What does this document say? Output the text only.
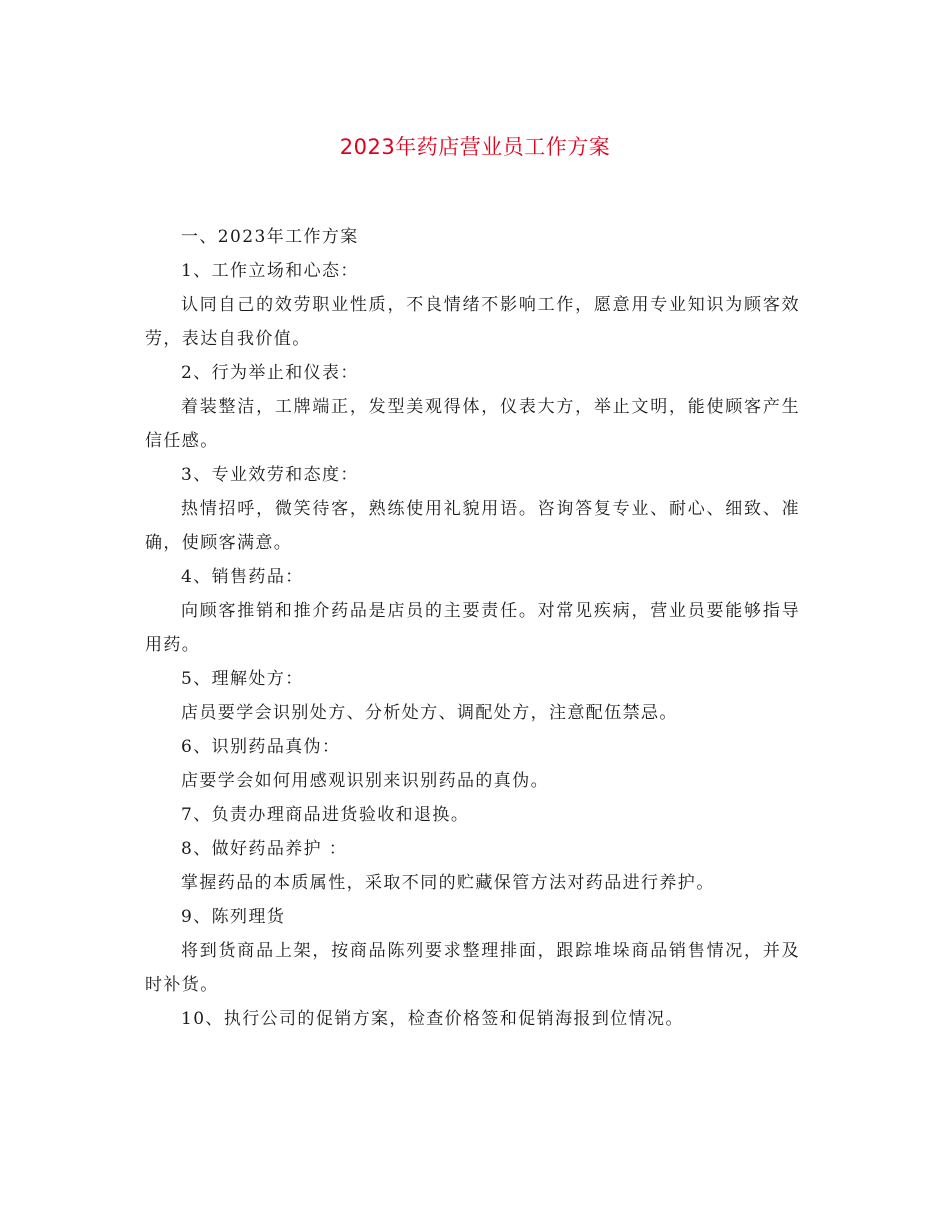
2023年药店营业员工作方案

一、2023年工作方案

1、工作立场和心态：

认同自己的效劳职业性质，不良情绪不影响工作，愿意用专业知识为顾客效劳，表达自我价值。

2、行为举止和仪表：

着装整洁，工牌端正，发型美观得体，仪表大方，举止文明，能使顾客产生信任感。

3、专业效劳和态度：

热情招呼，微笑待客，熟练使用礼貌用语。咨询答复专业、耐心、细致、准确，使顾客满意。

4、销售药品：

向顾客推销和推介药品是店员的主要责任。对常见疾病，营业员要能够指导用药。

5、理解处方：

店员要学会识别处方、分析处方、调配处方，注意配伍禁忌。

6、识别药品真伪：

店要学会如何用感观识别来识别药品的真伪。

7、负责办理商品进货验收和退换。

8、做好药品养护 ：

掌握药品的本质属性，采取不同的贮藏保管方法对药品进行养护。

9、陈列理货

将到货商品上架，按商品陈列要求整理排面，跟踪堆垛商品销售情况，并及时补货。

10、执行公司的促销方案，检查价格签和促销海报到位情况。
